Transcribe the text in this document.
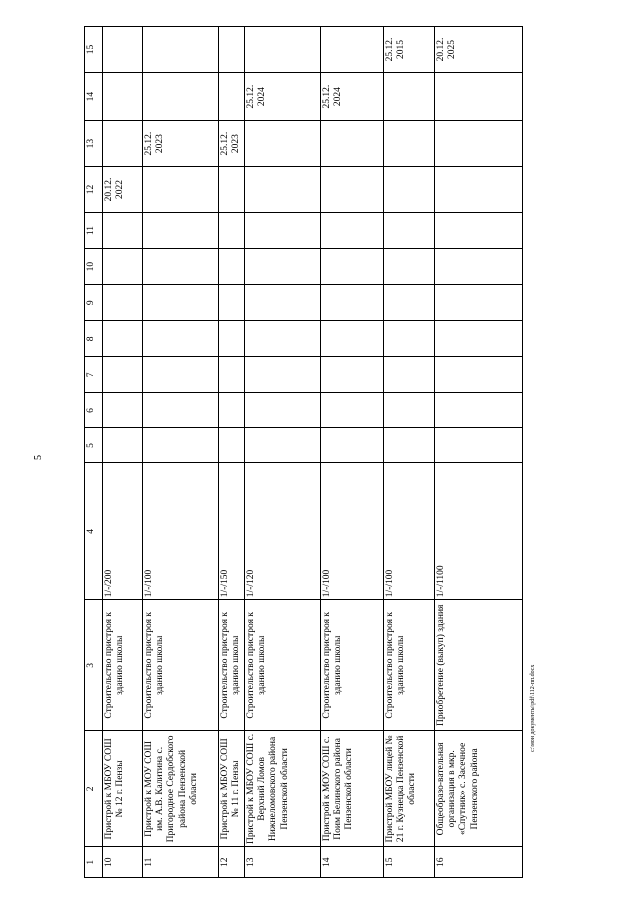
5
c:\мои документы\pdf\112-пп.docx
1	2	3	4	5	6	7	8	9	10	11	12	13	14	15
10	Пристрой к МБОУ СОШ № 12 г. Пензы	Строительство пристроя к зданию школы	1/-/200								20.12. 2022			
11	Пристрой к МОУ СОШ им. А.В. Калитина с. Пригородное Сердобского района Пензенской области	Строительство пристроя к зданию школы	1/-/100									25.12. 2023		
12	Пристрой к МБОУ СОШ № 11 г. Пензы	Строительство пристроя к зданию школы	1/-/150									25.12. 2023		
13	Пристрой к МБОУ СОШ с. Верхний Ломов Нижнеломовского района Пензенской области	Строительство пристроя к зданию школы	1/-/120										25.12. 2024	
14	Пристрой к МОУ СОШ с. Поим Белинского района Пензенской области	Строительство пристроя к зданию школы	1/-/100										25.12. 2024	
15	Пристрой МБОУ лицей № 21 г. Кузнецка Пензенской области	Строительство пристроя к зданию школы	1/-/100											25.12. 2015
16	Общеобразо-вательная организация в мкр. «Спутник» с. Засечное Пензенского района	Приобретение (выкуп) здания	1/-/1100											20.12. 2025
